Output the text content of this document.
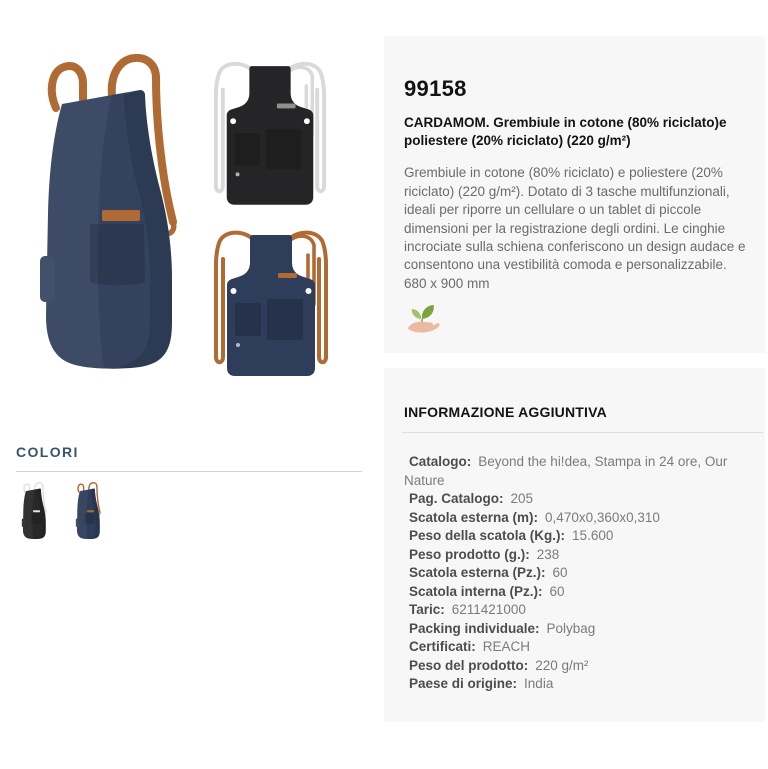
COLORI
99158
CARDAMOM. Grembiule in cotone (80% riciclato)e poliestere (20% riciclato) (220 g/m²)

Grembiule in cotone (80% riciclato) e poliestere (20% riciclato) (220 g/m²). Dotato di 3 tasche multifunzionali, ideali per riporre un cellulare o un tablet di piccole dimensioni per la registrazione degli ordini. Le cinghie incrociate sulla schiena conferiscono un design audace e consentono una vestibilità comoda e personalizzabile.

680 x 900 mm

INFORMAZIONE AGGIUNTIVA
Catalogo: Beyond the hi!dea, Stampa in 24 ore, Our Nature
Pag. Catalogo: 205
Scatola esterna (m): 0,470x0,360x0,310
Peso della scatola (Kg.): 15.600
Peso prodotto (g.): 238
Scatola esterna (Pz.): 60
Scatola interna (Pz.): 60
Taric: 6211421000
Packing individuale: Polybag
Certificati: REACH
Peso del prodotto: 220 g/m²
Paese di origine: India
